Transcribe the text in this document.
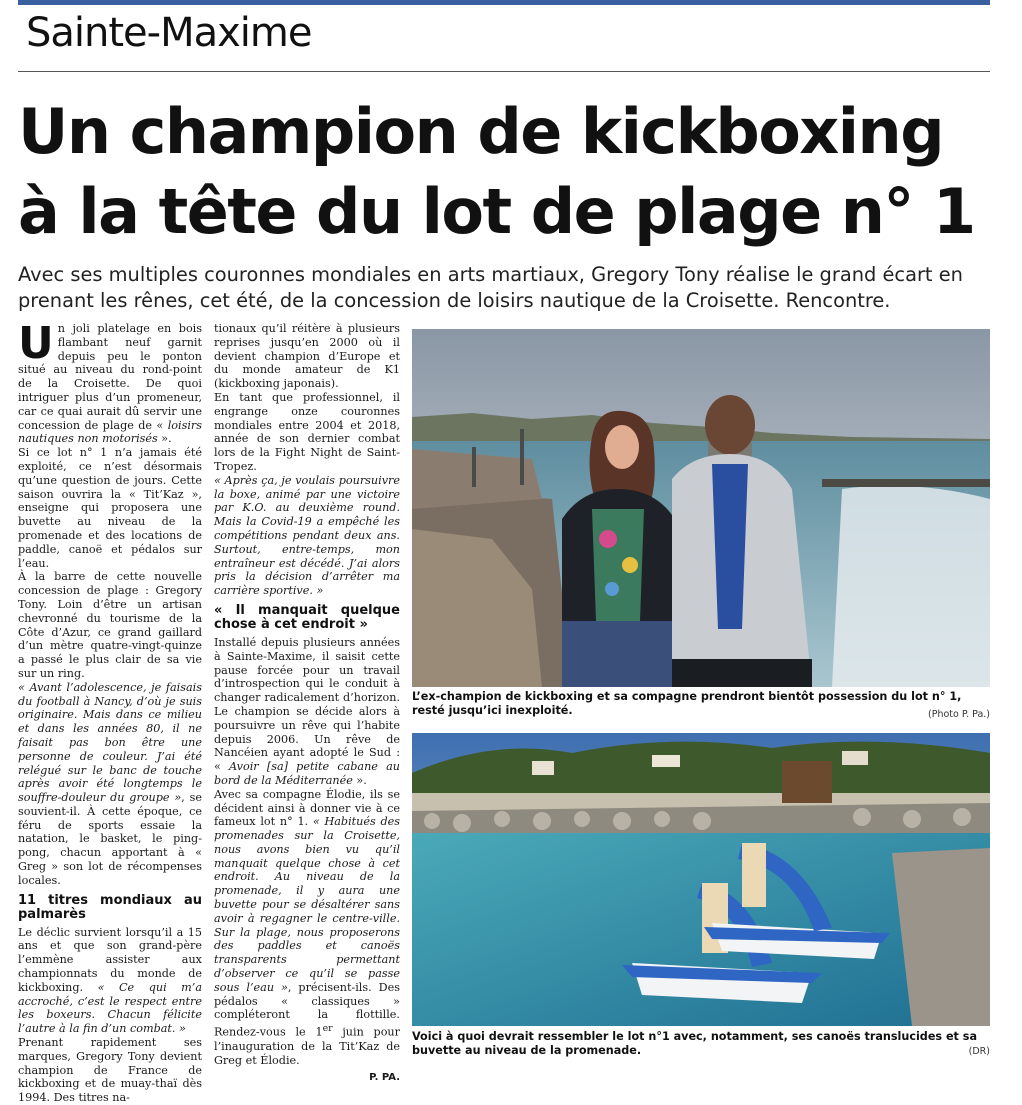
Sainte-Maxime
Un champion de kickboxing
à la tête du lot de plage n° 1
Avec ses multiples couronnes mondiales en arts martiaux, Gregory Tony réalise le grand écart en prenant les rênes, cet été, de la concession de loisirs nautique de la Croisette. Rencontre.

Un joli platelage en bois flambant neuf garnit depuis peu le ponton situé au niveau du rond-point de la Croisette. De quoi intriguer plus d’un promeneur, car ce quai aurait dû servir une concession de plage de « loisirs nautiques non motorisés ».

Si ce lot n° 1 n’a jamais été exploité, ce n’est désormais qu’une question de jours. Cette saison ouvrira la « Tit’Kaz », enseigne qui proposera une buvette au niveau de la promenade et des locations de paddle, canoë et pédalos sur l’eau.

À la barre de cette nouvelle concession de plage : Gregory Tony. Loin d’être un artisan chevronné du tourisme de la Côte d’Azur, ce grand gaillard d’un mètre quatre-vingt-quinze a passé le plus clair de sa vie sur un ring.

« Avant l’adolescence, je faisais du football à Nancy, d’où je suis originaire. Mais dans ce milieu et dans les années 80, il ne faisait pas bon être une personne de couleur. J’ai été relégué sur le banc de touche après avoir été longtemps le souffre-douleur du groupe », se souvient-il. À cette époque, ce féru de sports essaie la natation, le basket, le ping-pong, chacun apportant à « Greg » son lot de récompenses locales.

11 titres mondiaux au palmarès

Le déclic survient lorsqu’il a 15 ans et que son grand-père l’emmène assister aux championnats du monde de kickboxing. « Ce qui m’a accroché, c’est le respect entre les boxeurs. Chacun félicite l’autre à la fin d’un combat. »

Prenant rapidement ses marques, Gregory Tony devient champion de France de kickboxing et de muay-thaï dès 1994. Des titres na-

tionaux qu’il réitère à plusieurs reprises jusqu’en 2000 où il devient champion d’Europe et du monde amateur de K1 (kickboxing japonais).

En tant que professionnel, il engrange onze couronnes mondiales entre 2004 et 2018, année de son dernier combat lors de la Fight Night de Saint-Tropez.

« Après ça, je voulais poursuivre la boxe, animé par une victoire par K.O. au deuxième round. Mais la Covid-19 a empêché les compétitions pendant deux ans. Surtout, entre-temps, mon entraîneur est décédé. J’ai alors pris la décision d’arrêter ma carrière sportive. »

« Il manquait quelque chose à cet endroit »

Installé depuis plusieurs années à Sainte-Maxime, il saisit cette pause forcée pour un travail d’introspection qui le conduit à changer radicalement d’horizon. Le champion se décide alors à poursuivre un rêve qui l’habite depuis 2006. Un rêve de Nancéien ayant adopté le Sud : « Avoir [sa] petite cabane au bord de la Méditerranée ».

Avec sa compagne Élodie, ils se décident ainsi à donner vie à ce fameux lot n° 1. « Habitués des promenades sur la Croisette, nous avons bien vu qu’il manquait quelque chose à cet endroit. Au niveau de la promenade, il y aura une buvette pour se désaltérer sans avoir à regagner le centre-ville. Sur la plage, nous proposerons des paddles et canoës transparents permettant d’observer ce qu’il se passe sous l’eau », précisent-ils. Des pédalos « classiques » compléteront la flottille. Rendez-vous le 1er juin pour l’inauguration de la Tit’Kaz de Greg et Élodie.

P. PA.
L’ex-champion de kickboxing et sa compagne prendront bientôt possession du lot n° 1, resté jusqu’ici inexploité.	(Photo P. Pa.)
Voici à quoi devrait ressembler le lot n°1 avec, notamment, ses canoës translucides et sa buvette au niveau de la promenade.	(DR)
